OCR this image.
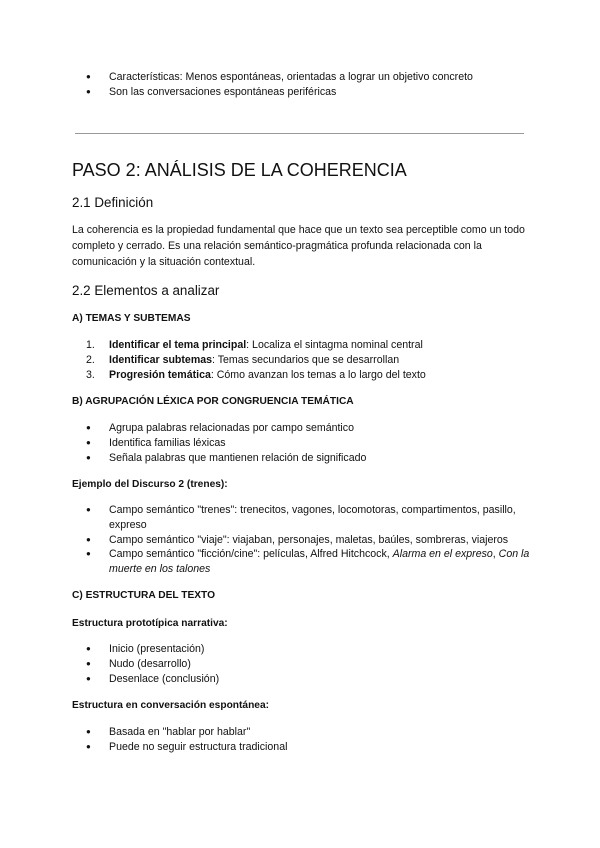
● Características: Menos espontáneas, orientadas a lograr un objetivo concreto
● Son las conversaciones espontáneas periféricas
PASO 2: ANÁLISIS DE LA COHERENCIA
2.1 Definición

La coherencia es la propiedad fundamental que hace que un texto sea perceptible como un todo completo y cerrado. Es una relación semántico-pragmática profunda relacionada con la comunicación y la situación contextual.

2.2 Elementos a analizar
A) TEMAS Y SUBTEMAS
1. Identificar el tema principal: Localiza el sintagma nominal central
2. Identificar subtemas: Temas secundarios que se desarrollan
3. Progresión temática: Cómo avanzan los temas a lo largo del texto
B) AGRUPACIÓN LÉXICA POR CONGRUENCIA TEMÁTICA
● Agrupa palabras relacionadas por campo semántico
● Identifica familias léxicas
● Señala palabras que mantienen relación de significado
Ejemplo del Discurso 2 (trenes):
● Campo semántico "trenes": trenecitos, vagones, locomotoras, compartimentos, pasillo, expreso
● Campo semántico "viaje": viajaban, personajes, maletas, baúles, sombreras, viajeros
● Campo semántico "ficción/cine": películas, Alfred Hitchcock, Alarma en el expreso, Con la muerte en los talones
C) ESTRUCTURA DEL TEXTO
Estructura prototípica narrativa:
● Inicio (presentación)
● Nudo (desarrollo)
● Desenlace (conclusión)
Estructura en conversación espontánea:
● Basada en "hablar por hablar"
● Puede no seguir estructura tradicional
